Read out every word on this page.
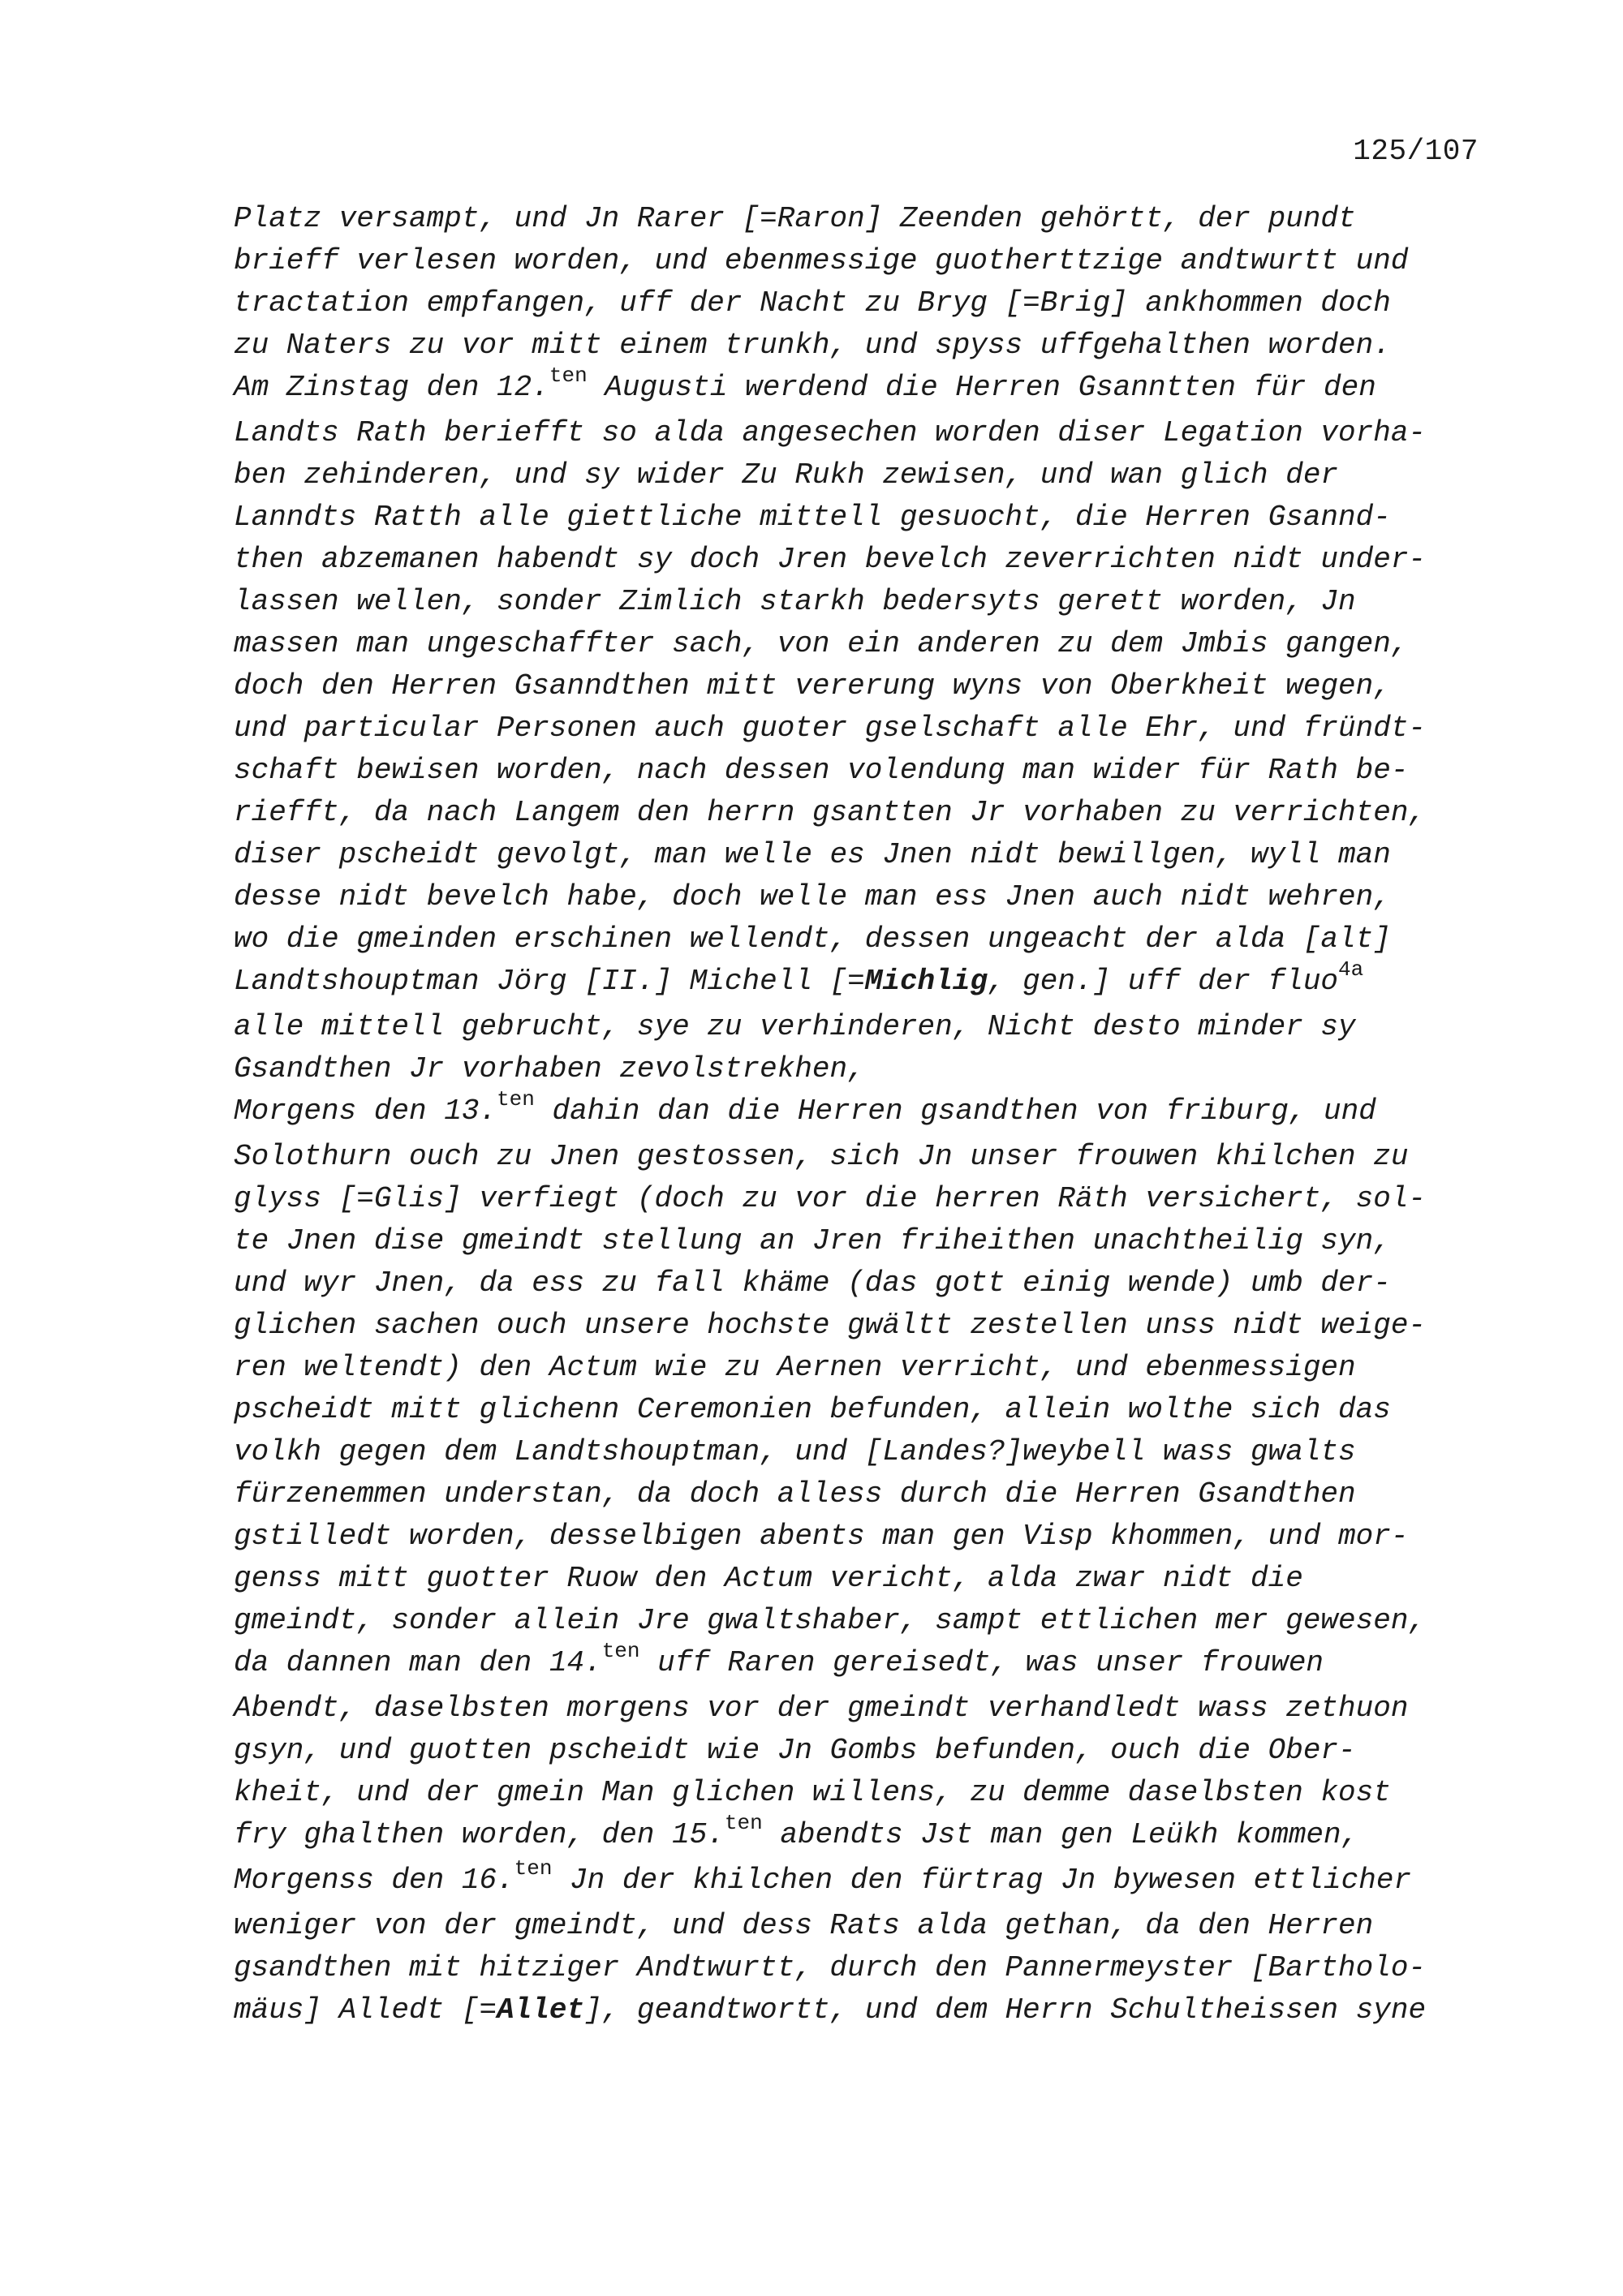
125/107
Platz versampt, und Jn Rarer [=Raron] Zeenden gehörtt, der pundt
brieff verlesen worden, und ebenmessige guotherttzige andtwurtt und
tractation empfangen, uff der Nacht zu Bryg [=Brig] ankhommen doch
zu Naters zu vor mitt einem trunkh, und spyss uffgehalthen worden.
Am Zinstag den 12.$^{ten}$ Augusti werdend die Herren Gsanntten für den
Landts Rath beriefft so alda angesechen worden diser Legation vorha-
ben zehinderen, und sy wider Zu Rukh zewisen, und wan glich der
Lanndts Ratth alle giettliche mittell gesuocht, die Herren Gsannd-
then abzemanen habendt sy doch Jren bevelch zeverrichten nidt under-
lassen wellen, sonder Zimlich starkh bedersyts gerett worden, Jn
massen man ungeschaffter sach, von ein anderen zu dem Jmbis gangen,
doch den Herren Gsanndthen mitt vererung wyns von Oberkheit wegen,
und particular Personen auch guoter gselschaft alle Ehr, und fründt-
schaft bewisen worden, nach dessen volendung man wider für Rath be-
riefft, da nach Langem den herrn gsantten Jr vorhaben zu verrichten,
diser pscheidt gevolgt, man welle es Jnen nidt bewillgen, wyll man
desse nidt bevelch habe, doch welle man ess Jnen auch nidt wehren,
wo die gmeinden erschinen wellendt, dessen ungeacht der alda [alt]
Landtshouptman Jörg [II.] Michell [=Michlig, gen.] uff der fluo$^{4a}$
alle mittell gebrucht, sye zu verhinderen, Nicht desto minder sy
Gsandthen Jr vorhaben zevolstrekhen,
Morgens den 13.$^{ten}$ dahin dan die Herren gsandthen von friburg, und
Solothurn ouch zu Jnen gestossen, sich Jn unser frouwen khilchen zu
glyss [=Glis] verfiegt (doch zu vor die herren Räth versichert, sol-
te Jnen dise gmeindt stellung an Jren friheithen unachtheilig syn,
und wyr Jnen, da ess zu fall khäme (das gott einig wende) umb der-
glichen sachen ouch unsere hochste gwältt zestellen unss nidt weige-
ren weltendt) den Actum wie zu Aernen verricht, und ebenmessigen
pscheidt mitt glichenn Ceremonien befunden, allein wolthe sich das
volkh gegen dem Landtshouptman, und [Landes?]weybell wass gwalts
fürzenemmen understan, da doch alless durch die Herren Gsandthen
gstilledt worden, desselbigen abents man gen Visp khommen, und mor-
genss mitt guotter Ruow den Actum vericht, alda zwar nidt die
gmeindt, sonder allein Jre gwaltshaber, sampt ettlichen mer gewesen,
da dannen man den 14.$^{ten}$ uff Raren gereisedt, was unser frouwen
Abendt, daselbsten morgens vor der gmeindt verhandledt wass zethuon
gsyn, und guotten pscheidt wie Jn Gombs befunden, ouch die Ober-
kheit, und der gmein Man glichen willens, zu demme daselbsten kost
fry ghalthen worden, den 15.$^{ten}$ abendts Jst man gen Leükh kommen,
Morgenss den 16.$^{ten}$ Jn der khilchen den fürtrag Jn bywesen ettlicher
weniger von der gmeindt, und dess Rats alda gethan, da den Herren
gsandthen mit hitziger Andtwurtt, durch den Pannermeyster [Bartholo-
mäus] Alledt [=Allet], geandtwortt, und dem Herrn Schultheissen syne
